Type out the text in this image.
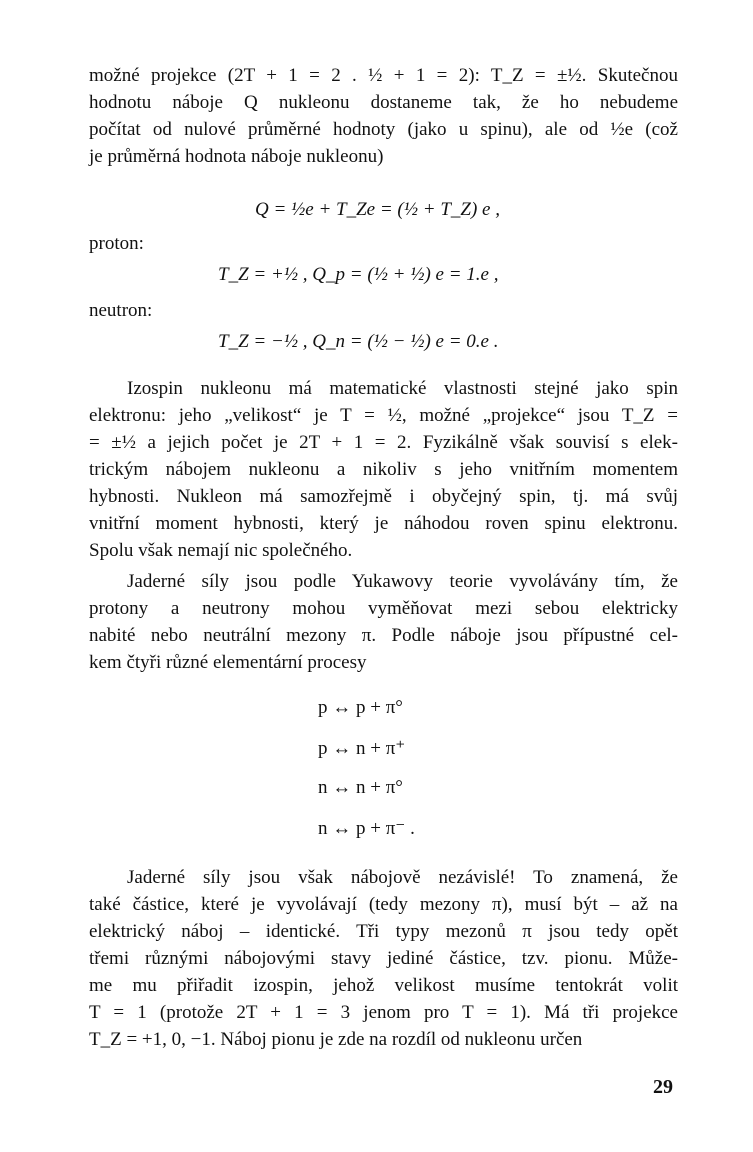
možné projekce (2T + 1 = 2 . ½ + 1 = 2): T_Z = ±½. Skutečnou
hodnotu náboje Q nukleonu dostaneme tak, že ho nebudeme
počítat od nulové průměrné hodnoty (jako u spinu), ale od ½e (což
je průměrná hodnota náboje nukleonu)
Q = ½e + T_Ze = (½ + T_Z) e ,
proton:
T_Z = +½ , Q_p = (½ + ½) e = 1.e ,
neutron:
T_Z = −½ , Q_n = (½ − ½) e = 0.e .
Izospin nukleonu má matematické vlastnosti stejné jako spin
elektronu: jeho „velikost“ je T = ½, možné „projekce“ jsou T_Z =
= ±½ a jejich počet je 2T + 1 = 2. Fyzikálně však souvisí s elek-
trickým nábojem nukleonu a nikoliv s jeho vnitřním momentem
hybnosti. Nukleon má samozřejmě i obyčejný spin, tj. má svůj
vnitřní moment hybnosti, který je náhodou roven spinu elektronu.
Spolu však nemají nic společného.
Jaderné síly jsou podle Yukawovy teorie vyvolávány tím, že
protony a neutrony mohou vyměňovat mezi sebou elektricky
nabité nebo neutrální mezony π. Podle náboje jsou přípustné cel-
kem čtyři různé elementární procesy
p ↔ p + π°
p ↔ n + π⁺
n ↔ n + π°
n ↔ p + π⁻ .
Jaderné síly jsou však nábojově nezávislé! To znamená, že
také částice, které je vyvolávají (tedy mezony π), musí být – až na
elektrický náboj – identické. Tři typy mezonů π jsou tedy opět
třemi různými nábojovými stavy jediné částice, tzv. pionu. Může-
me mu přiřadit izospin, jehož velikost musíme tentokrát volit
T = 1 (protože 2T + 1 = 3 jenom pro T = 1). Má tři projekce
T_Z = +1, 0, −1. Náboj pionu je zde na rozdíl od nukleonu určen
29
